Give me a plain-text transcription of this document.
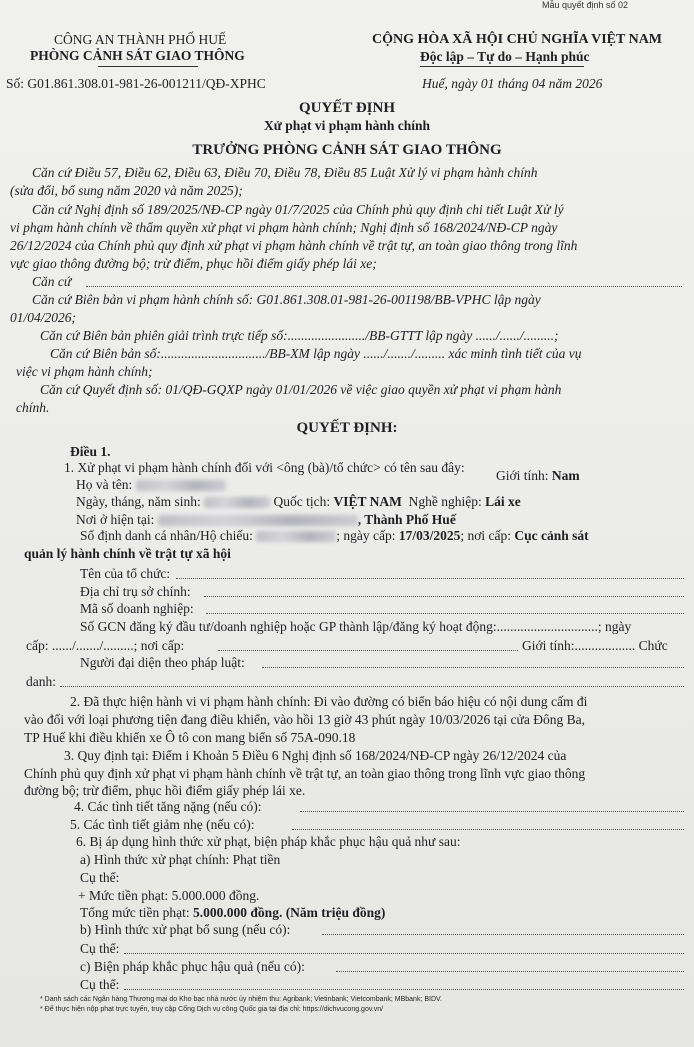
Mẫu quyết định số 02
CÔNG AN THÀNH PHỐ HUẾ
PHÒNG CẢNH SÁT GIAO THÔNG
Số: G01.861.308.01-981-26-001211/QĐ-XPHC
CỘNG HÒA XÃ HỘI CHỦ NGHĨA VIỆT NAM
Độc lập – Tự do – Hạnh phúc
Huế, ngày 01 tháng 04 năm 2026
QUYẾT ĐỊNH
Xử phạt vi phạm hành chính
TRƯỞNG PHÒNG CẢNH SÁT GIAO THÔNG
Căn cứ Điều 57, Điều 62, Điều 63, Điều 70, Điều 78, Điều 85 Luật Xử lý vi phạm hành chính
(sửa đổi, bổ sung năm 2020 và năm 2025);
Căn cứ Nghị định số 189/2025/NĐ-CP ngày 01/7/2025 của Chính phủ quy định chi tiết Luật Xử lý
vi phạm hành chính về thẩm quyền xử phạt vi phạm hành chính; Nghị định số 168/2024/NĐ-CP ngày
26/12/2024 của Chính phủ quy định xử phạt vi phạm hành chính về trật tự, an toàn giao thông trong lĩnh
vực giao thông đường bộ; trừ điểm, phục hồi điểm giấy phép lái xe;
Căn cứ
Căn cứ Biên bản vi phạm hành chính số: G01.861.308.01-981-26-001198/BB-VPHC lập ngày
01/04/2026;
Căn cứ Biên bản phiên giải trình trực tiếp số:......................./BB-GTTT lập ngày ....../....../.........;
Căn cứ Biên bản số:.............................../BB-XM lập ngày ....../......./......... xác minh tình tiết của vụ
việc vi phạm hành chính;
Căn cứ Quyết định số: 01/QĐ-GQXP ngày 01/01/2026 về việc giao quyền xử phạt vi phạm hành
chính.
QUYẾT ĐỊNH:
Điều 1.
1. Xử phạt vi phạm hành chính đối với <ông (bà)/tổ chức> có tên sau đây:
Họ và tên:
Giới tính: Nam
Ngày, tháng, năm sinh:	Quốc tịch: VIỆT NAM Nghề nghiệp: Lái xe
Nơi ở hiện tại:	, Thành Phố Huế
Số định danh cá nhân/Hộ chiếu:	; ngày cấp: 17/03/2025; nơi cấp: Cục cảnh sát
quản lý hành chính về trật tự xã hội
Tên của tổ chức:
Địa chỉ trụ sở chính:
Mã số doanh nghiệp:
Số GCN đăng ký đầu tư/doanh nghiệp hoặc GP thành lập/đăng ký hoạt động:..............................; ngày
cấp: ....../......./.........; nơi cấp:	Giới tính:.................. Chức
Người đại diện theo pháp luật:
danh:
2. Đã thực hiện hành vi vi phạm hành chính: Đi vào đường có biển báo hiệu có nội dung cấm đi
vào đối với loại phương tiện đang điều khiển, vào hồi 13 giờ 43 phút ngày 10/03/2026 tại cửa Đông Ba,
TP Huế khi điều khiển xe Ô tô con mang biển số 75A-090.18
3. Quy định tại: Điểm i Khoản 5 Điều 6 Nghị định số 168/2024/NĐ-CP ngày 26/12/2024 của
Chính phủ quy định xử phạt vi phạm hành chính về trật tự, an toàn giao thông trong lĩnh vực giao thông
đường bộ; trừ điểm, phục hồi điểm giấy phép lái xe.
4. Các tình tiết tăng nặng (nếu có):
5. Các tình tiết giảm nhẹ (nếu có):
6. Bị áp dụng hình thức xử phạt, biện pháp khắc phục hậu quả như sau:
a) Hình thức xử phạt chính: Phạt tiền
Cụ thể:
+ Mức tiền phạt: 5.000.000 đồng.
Tổng mức tiền phạt: 5.000.000 đồng. (Năm triệu đồng)
b) Hình thức xử phạt bổ sung (nếu có):
Cụ thể:
c) Biện pháp khắc phục hậu quả (nếu có):
Cụ thể:
* Danh sách các Ngân hàng Thương mại do Kho bạc nhà nước ủy nhiệm thu: Agribank; Vietinbank; Vietcombank; MBbank; BIDV.
* Để thực hiện nộp phạt trực tuyến, truy cập Cổng Dịch vụ công Quốc gia tại địa chỉ: https://dichvucong.gov.vn/
